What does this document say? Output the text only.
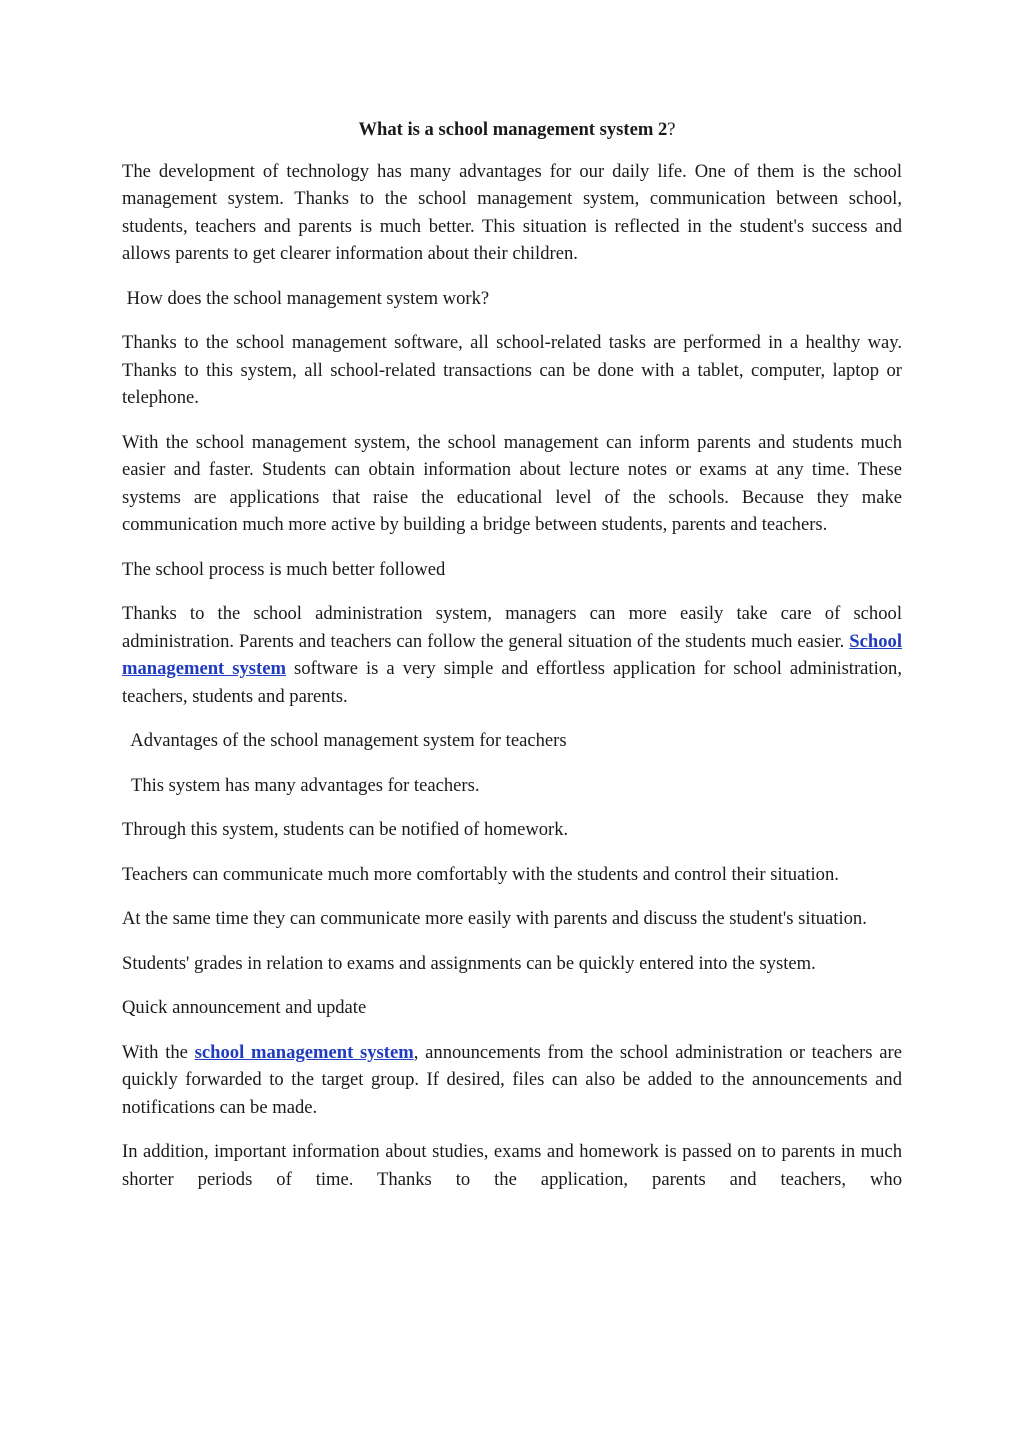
What is a school management system 2?

The development of technology has many advantages for our daily life. One of them is the school management system. Thanks to the school management system, communication between school, students, teachers and parents is much better. This situation is reflected in the student's success and allows parents to get clearer information about their children.

How does the school management system work?

Thanks to the school management software, all school-related tasks are performed in a healthy way. Thanks to this system, all school-related transactions can be done with a tablet, computer, laptop or telephone.

With the school management system, the school management can inform parents and students much easier and faster. Students can obtain information about lecture notes or exams at any time. These systems are applications that raise the educational level of the schools. Because they make communication much more active by building a bridge between students, parents and teachers.

The school process is much better followed

Thanks to the school administration system, managers can more easily take care of school administration. Parents and teachers can follow the general situation of the students much easier. School management system software is a very simple and effortless application for school administration, teachers, students and parents.

Advantages of the school management system for teachers

This system has many advantages for teachers.

Through this system, students can be notified of homework.

Teachers can communicate much more comfortably with the students and control their situation.

At the same time they can communicate more easily with parents and discuss the student's situation.

Students' grades in relation to exams and assignments can be quickly entered into the system.

Quick announcement and update

With the school management system, announcements from the school administration or teachers are quickly forwarded to the target group. If desired, files can also be added to the announcements and notifications can be made.

In addition, important information about studies, exams and homework is passed on to parents in much shorter periods of time. Thanks to the application, parents and teachers, who
